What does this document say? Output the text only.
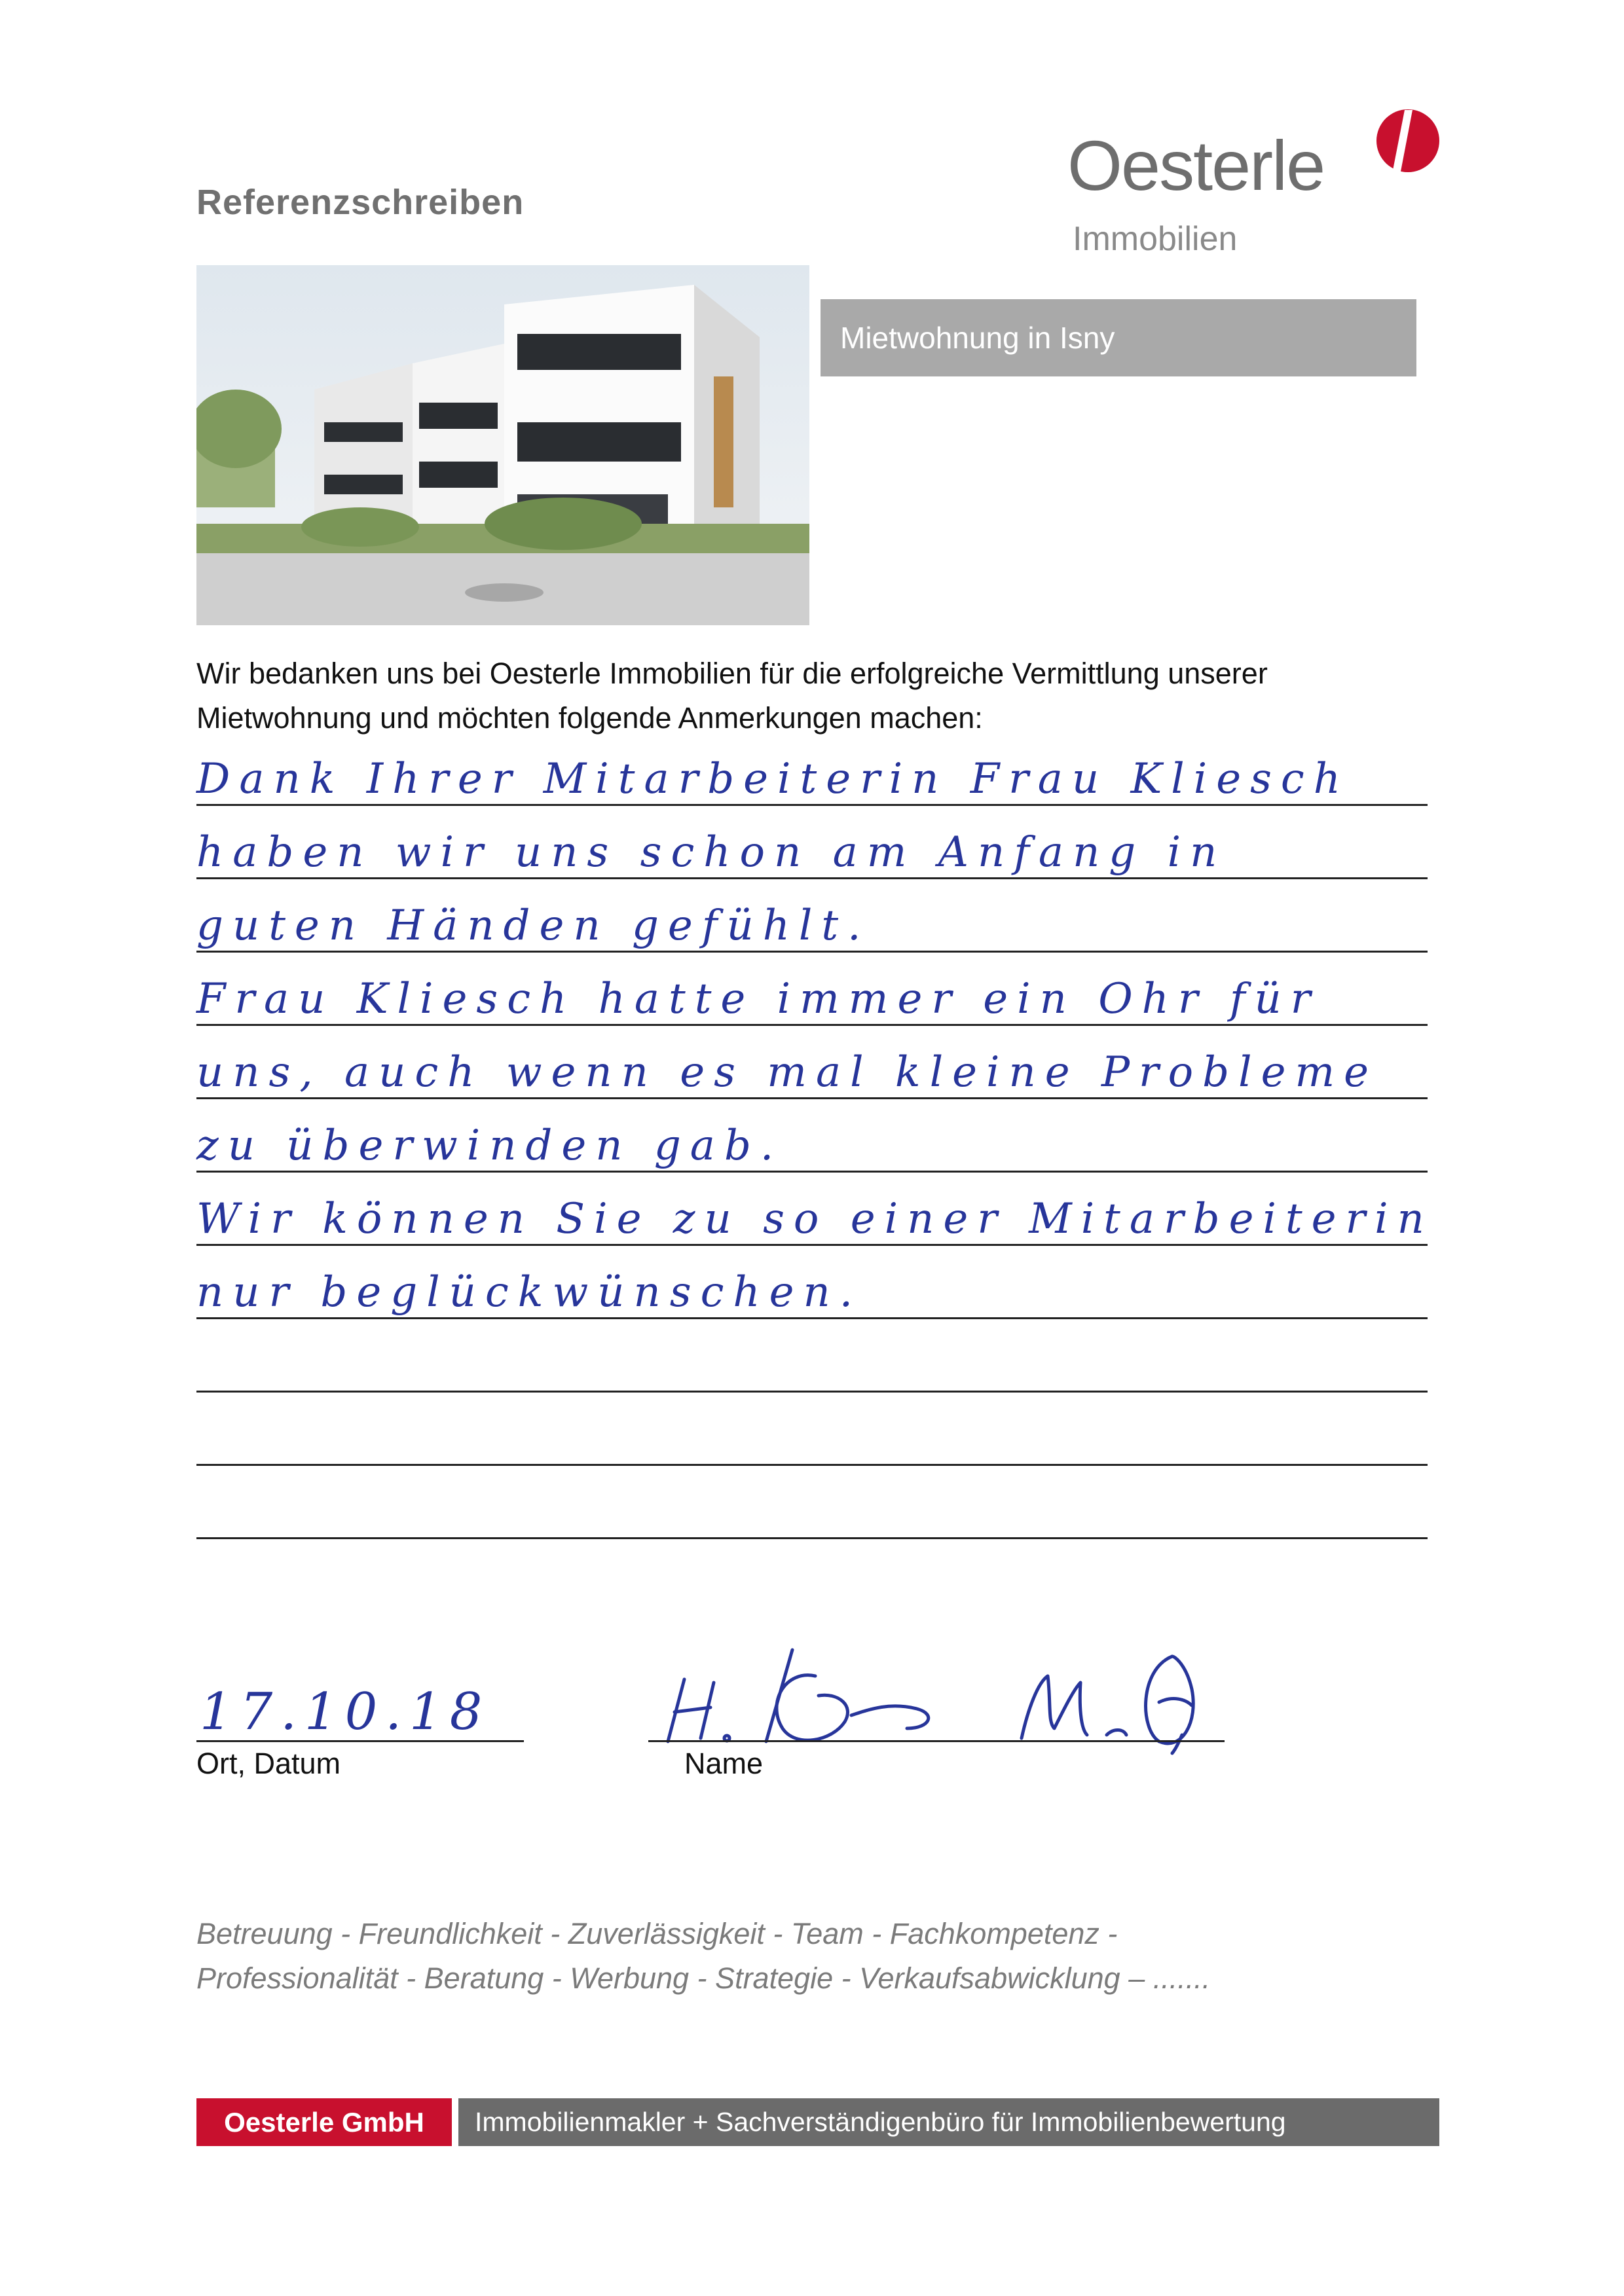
Referenzschreiben	Oesterle
Immobilien
Mietwohnung in Isny
Wir bedanken uns bei Oesterle Immobilien für die erfolgreiche Vermittlung unserer Mietwohnung und möchten folgende Anmerkungen machen:
Dank Ihrer Mitarbeiterin Frau Kliesch
haben wir uns schon am Anfang in
guten Händen gefühlt.
Frau Kliesch hatte immer ein Ohr für
uns, auch wenn es mal kleine Probleme
zu überwinden gab.
Wir können Sie zu so einer Mitarbeiterin
nur beglückwünschen.
17.10.18
Ort, Datum	Name
Betreuung - Freundlichkeit - Zuverlässigkeit - Team - Fachkompetenz -
Professionalität - Beratung - Werbung - Strategie - Verkaufsabwicklung – .......
Oesterle GmbH	Immobilienmakler + Sachverständigenbüro für Immobilienbewertung
